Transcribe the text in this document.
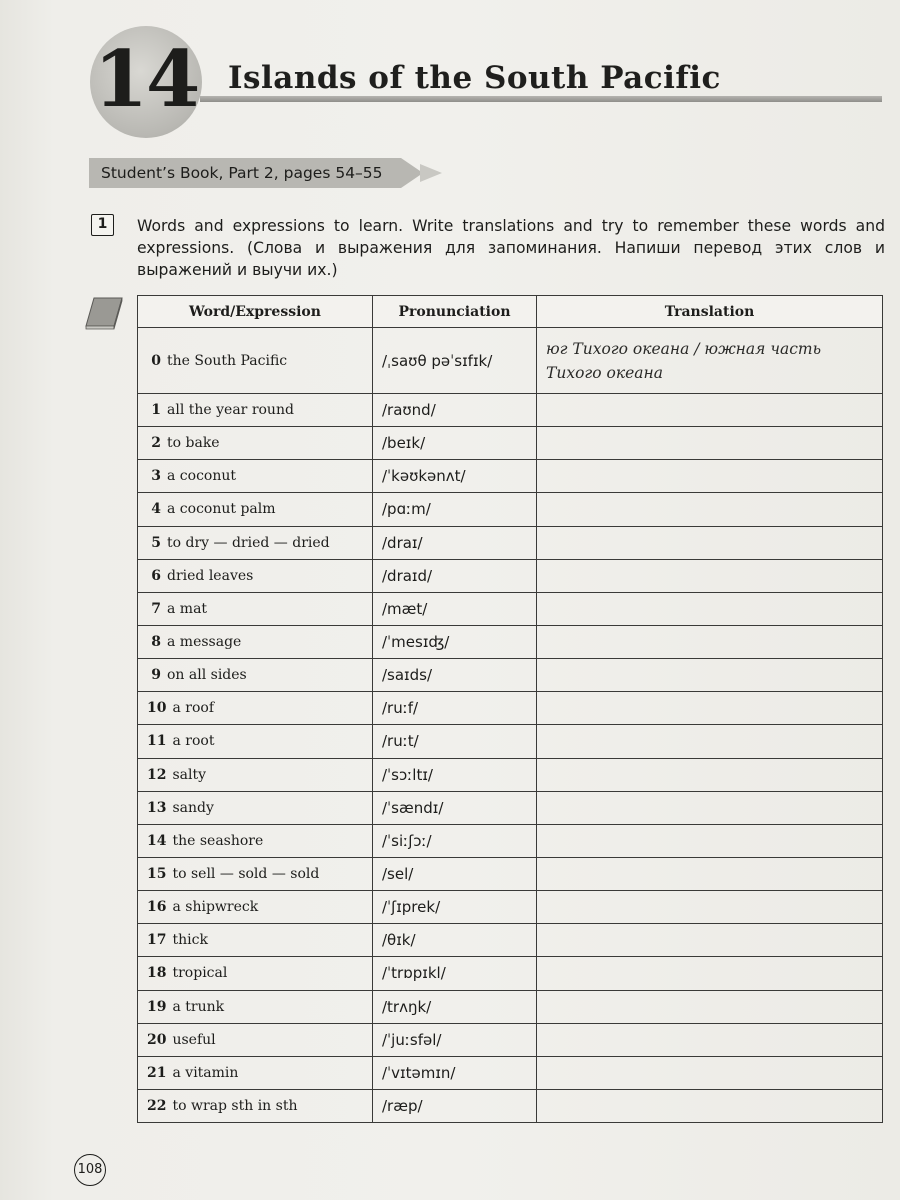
14 Islands of the South Pacific
Student’s Book, Part 2, pages 54–55
1	Words and expressions to learn. Write translations and try to remember these words and expressions. (Слова и выражения для запоминания. Напиши перевод этих слов и выражений и выучи их.)
Word/Expression	Pronunciation	Translation
0 the South Pacific	/ˌsaʊθ pəˈsɪfɪk/	юг Тихого океана / южная часть Тихого океана

1 all the year round	/raʊnd/	
2 to bake	/beɪk/	
3 a coconut	/ˈkəʊkənʌt/	
4 a coconut palm	/pɑːm/	
5 to dry — dried — dried	/draɪ/	
6 dried leaves	/draɪd/	
7 a mat	/mæt/	
8 a message	/ˈmesɪʤ/	
9 on all sides	/saɪds/	
10 a roof	/ruːf/	
11 a root	/ruːt/	
12 salty	/ˈsɔːltɪ/	
13 sandy	/ˈsændɪ/	
14 the seashore	/ˈsiːʃɔː/	
15 to sell — sold — sold	/sel/	
16 a shipwreck	/ˈʃɪprek/	
17 thick	/θɪk/	
18 tropical	/ˈtrɒpɪkl/	
19 a trunk	/trʌŋk/	
20 useful	/ˈjuːsfəl/	
21 a vitamin	/ˈvɪtəmɪn/	
22 to wrap sth in sth	/ræp/	
108
